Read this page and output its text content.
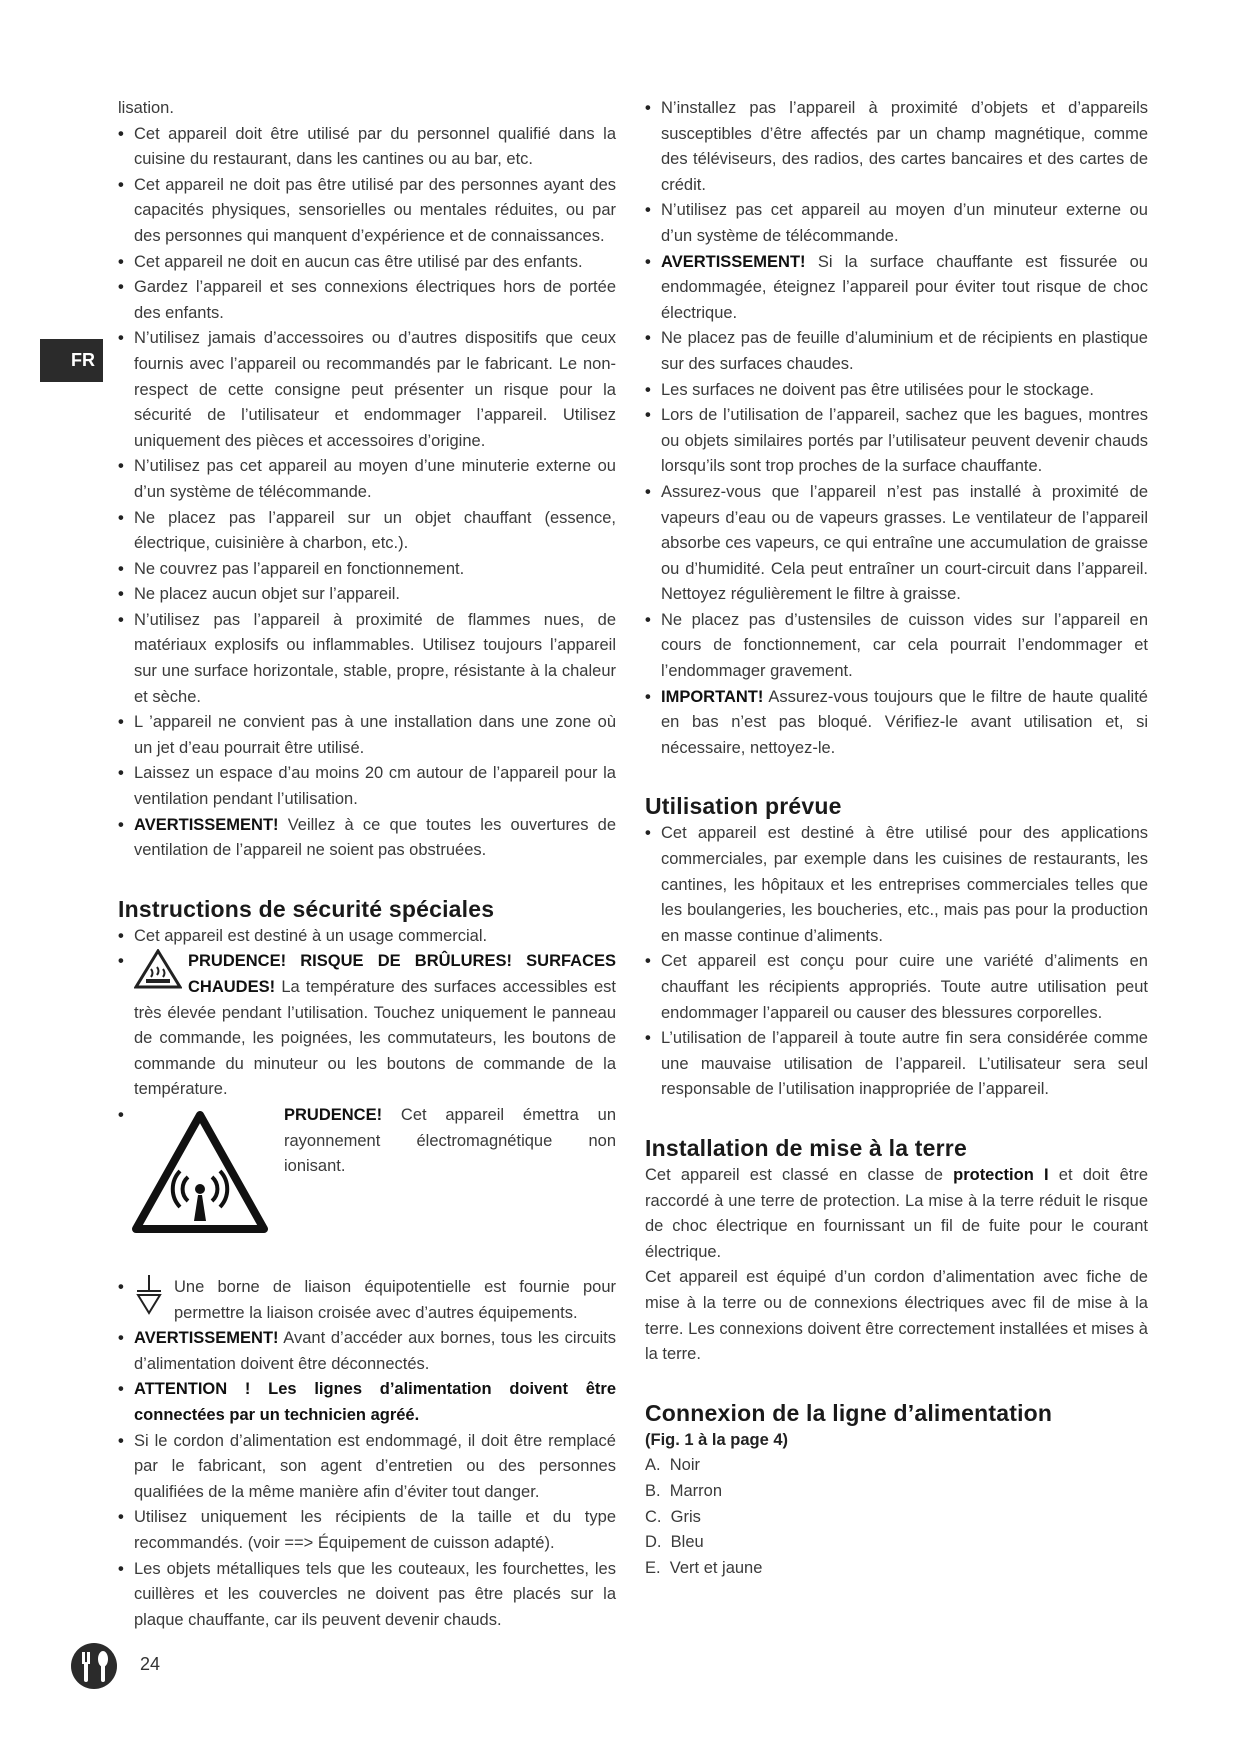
FR

lisation.

• Cet appareil doit être utilisé par du personnel qualifié dans la cuisine du restaurant, dans les cantines ou au bar, etc.

• Cet appareil ne doit pas être utilisé par des personnes ayant des capacités physiques, sensorielles ou mentales réduites, ou par des personnes qui manquent d’expérience et de connaissances.

• Cet appareil ne doit en aucun cas être utilisé par des enfants.

• Gardez l’appareil et ses connexions électriques hors de portée des enfants.

• N’utilisez jamais d’accessoires ou d’autres dispositifs que ceux fournis avec l’appareil ou recommandés par le fabricant. Le non-respect de cette consigne peut présenter un risque pour la sécurité de l’utilisateur et endommager l’appareil. Utilisez uniquement des pièces et accessoires d’origine.

• N’utilisez pas cet appareil au moyen d’une minuterie externe ou d’un système de télécommande.

• Ne placez pas l’appareil sur un objet chauffant (essence, électrique, cuisinière à charbon, etc.).

• Ne couvrez pas l’appareil en fonctionnement.

• Ne placez aucun objet sur l’appareil.

• N’utilisez pas l’appareil à proximité de flammes nues, de matériaux explosifs ou inflammables. Utilisez toujours l’appareil sur une surface horizontale, stable, propre, résistante à la chaleur et sèche.

• L ’appareil ne convient pas à une installation dans une zone où un jet d’eau pourrait être utilisé.

• Laissez un espace d’au moins 20 cm autour de l’appareil pour la ventilation pendant l’utilisation.

• AVERTISSEMENT! Veillez à ce que toutes les ouvertures de ventilation de l’appareil ne soient pas obstruées.

Instructions de sécurité spéciales

• Cet appareil est destiné à un usage commercial.

• PRUDENCE! RISQUE DE BRÛLURES! SURFACES CHAUDES! La température des surfaces accessibles est très élevée pendant l’utilisation. Touchez uniquement le panneau de commande, les poignées, les commutateurs, les boutons de commande du minuteur ou les boutons de commande de la température.

• PRUDENCE! Cet appareil émettra un rayonnement électromagnétique non ionisant.

• Une borne de liaison équipotentielle est fournie pour permettre la liaison croisée avec d’autres équipements.

• AVERTISSEMENT! Avant d’accéder aux bornes, tous les circuits d’alimentation doivent être déconnectés.

• ATTENTION ! Les lignes d’alimentation doivent être connectées par un technicien agréé.

• Si le cordon d’alimentation est endommagé, il doit être remplacé par le fabricant, son agent d’entretien ou des personnes qualifiées de la même manière afin d’éviter tout danger.

• Utilisez uniquement les récipients de la taille et du type recommandés. (voir ==> Équipement de cuisson adapté).

• Les objets métalliques tels que les couteaux, les fourchettes, les cuillères et les couvercles ne doivent pas être placés sur la plaque chauffante, car ils peuvent devenir chauds.

• N’installez pas l’appareil à proximité d’objets et d’appareils susceptibles d’être affectés par un champ magnétique, comme des téléviseurs, des radios, des cartes bancaires et des cartes de crédit.

• N’utilisez pas cet appareil au moyen d’un minuteur externe ou d’un système de télécommande.

• AVERTISSEMENT! Si la surface chauffante est fissurée ou endommagée, éteignez l’appareil pour éviter tout risque de choc électrique.

• Ne placez pas de feuille d’aluminium et de récipients en plastique sur des surfaces chaudes.

• Les surfaces ne doivent pas être utilisées pour le stockage.

• Lors de l’utilisation de l’appareil, sachez que les bagues, montres ou objets similaires portés par l’utilisateur peuvent devenir chauds lorsqu’ils sont trop proches de la surface chauffante.

• Assurez-vous que l’appareil n’est pas installé à proximité de vapeurs d’eau ou de vapeurs grasses. Le ventilateur de l’appareil absorbe ces vapeurs, ce qui entraîne une accumulation de graisse ou d’humidité. Cela peut entraîner un court-circuit dans l’appareil. Nettoyez régulièrement le filtre à graisse.

• Ne placez pas d’ustensiles de cuisson vides sur l’appareil en cours de fonctionnement, car cela pourrait l’endommager et l’endommager gravement.

• IMPORTANT! Assurez-vous toujours que le filtre de haute qualité en bas n’est pas bloqué. Vérifiez-le avant utilisation et, si nécessaire, nettoyez-le.

Utilisation prévue

• Cet appareil est destiné à être utilisé pour des applications commerciales, par exemple dans les cuisines de restaurants, les cantines, les hôpitaux et les entreprises commerciales telles que les boulangeries, les boucheries, etc., mais pas pour la production en masse continue d’aliments.

• Cet appareil est conçu pour cuire une variété d’aliments en chauffant les récipients appropriés. Toute autre utilisation peut endommager l’appareil ou causer des blessures corporelles.

• L’utilisation de l’appareil à toute autre fin sera considérée comme une mauvaise utilisation de l’appareil. L’utilisateur sera seul responsable de l’utilisation inappropriée de l’appareil.

Installation de mise à la terre

Cet appareil est classé en classe de protection I et doit être raccordé à une terre de protection. La mise à la terre réduit le risque de choc électrique en fournissant un fil de fuite pour le courant électrique.

Cet appareil est équipé d’un cordon d’alimentation avec fiche de mise à la terre ou de connexions électriques avec fil de mise à la terre. Les connexions doivent être correctement installées et mises à la terre.

Connexion de la ligne d’alimentation

(Fig. 1 à la page 4)

A.  Noir

B.  Marron

C.  Gris

D.  Bleu

E.  Vert et jaune

24
